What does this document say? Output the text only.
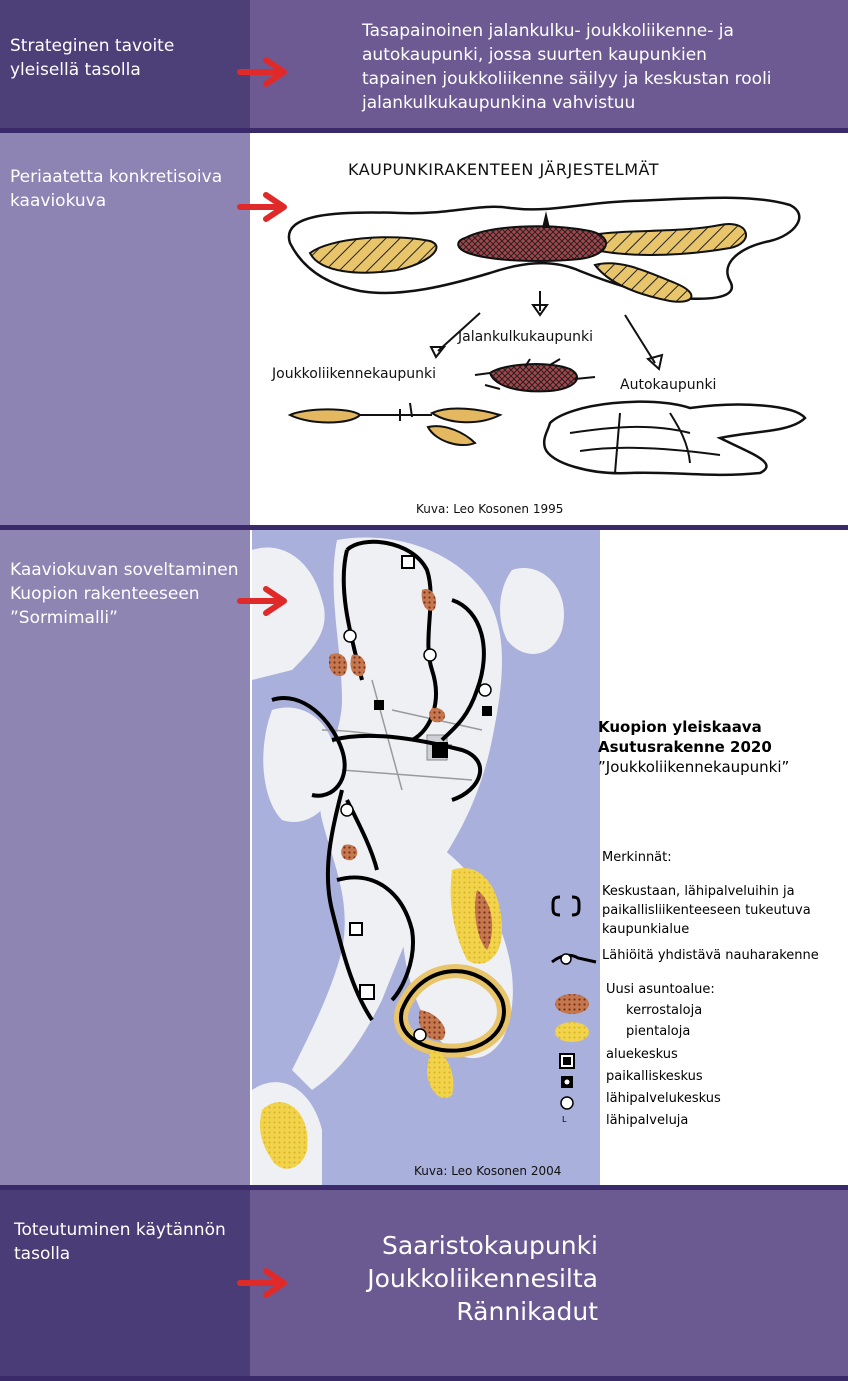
Strateginen tavoite
yleisellä tasolla
Tasapainoinen jalankulku- joukkoliikenne- ja autokaupunki, jossa suurten kaupunkien tapainen joukkoliikenne säilyy ja keskustan rooli jalankulkukaupunkina vahvistuu
Periaatetta konkretisoiva
kaaviokuva
KAUPUNKIRAKENTEEN JÄRJESTELMÄT
Jalankulkukaupunki
Joukkoliikennekaupunki
Autokaupunki
Kuva: Leo Kosonen 1995
Kaaviokuvan soveltaminen
Kuopion rakenteeseen
”Sormimalli”
Kuva: Leo Kosonen 2004
Kuopion yleiskaava
Asutusrakenne 2020
”Joukkoliikennekaupunki”
Merkinnät:
Keskustaan, lähipalveluihin ja paikallisliikenteeseen tukeutuva kaupunkialue
Lähiöitä yhdistävä nauharakenne
Uusi asuntoalue:
kerrostaloja
pientaloja
aluekeskus
paikalliskeskus
lähipalvelukeskus
L	lähipalveluja
Toteutuminen käytännön
tasolla	Saaristokaupunki
Joukkoliikennesilta
Rännikadut
